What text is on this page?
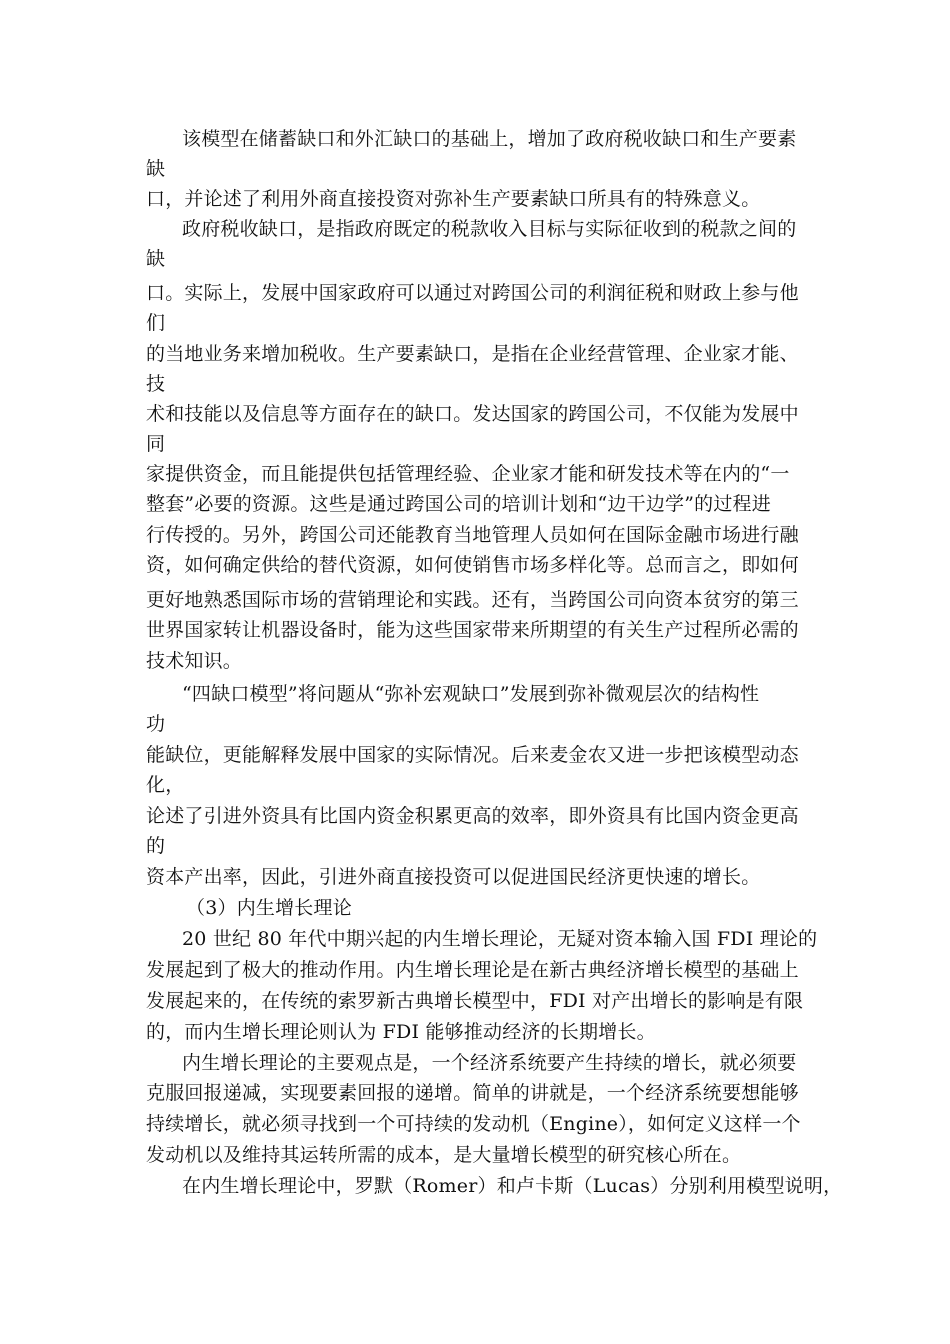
该模型在储蓄缺口和外汇缺口的基础上，增加了政府税收缺口和生产要素
缺
口，并论述了利用外商直接投资对弥补生产要素缺口所具有的特殊意义。
政府税收缺口，是指政府既定的税款收入目标与实际征收到的税款之间的
缺
口。实际上，发展中国家政府可以通过对跨国公司的利润征税和财政上参与他
们
的当地业务来增加税收。生产要素缺口，是指在企业经营管理、企业家才能、
技
术和技能以及信息等方面存在的缺口。发达国家的跨国公司，不仅能为发展中
同
家提供资金，而且能提供包括管理经验、企业家才能和研发技术等在内的“一
整套”必要的资源。这些是通过跨国公司的培训计划和“边干边学”的过程进
行传授的。另外，跨国公司还能教育当地管理人员如何在国际金融市场进行融
资，如何确定供给的替代资源，如何使销售市场多样化等。总而言之，即如何
更好地熟悉国际市场的营销理论和实践。还有，当跨国公司向资本贫穷的第三
世界国家转让机器设备时，能为这些国家带来所期望的有关生产过程所必需的
技术知识。
“四缺口模型”将问题从“弥补宏观缺口”发展到弥补微观层次的结构性
功
能缺位，更能解释发展中国家的实际情况。后来麦金农又进一步把该模型动态
化，
论述了引进外资具有比国内资金积累更高的效率，即外资具有比国内资金更高
的
资本产出率，因此，引进外商直接投资可以促进国民经济更快速的增长。
（3）内生增长理论
20 世纪 80 年代中期兴起的内生增长理论，无疑对资本输入国 FDI 理论的
发展起到了极大的推动作用。内生增长理论是在新古典经济增长模型的基础上
发展起来的，在传统的索罗新古典增长模型中，FDI 对产出增长的影响是有限
的，而内生增长理论则认为 FDI 能够推动经济的长期增长。
内生增长理论的主要观点是，一个经济系统要产生持续的增长，就必须要
克服回报递减，实现要素回报的递增。简单的讲就是，一个经济系统要想能够
持续增长，就必须寻找到一个可持续的发动机（Engine），如何定义这样一个
发动机以及维持其运转所需的成本，是大量增长模型的研究核心所在。
在内生增长理论中，罗默（Romer）和卢卡斯（Lucas）分别利用模型说明，
